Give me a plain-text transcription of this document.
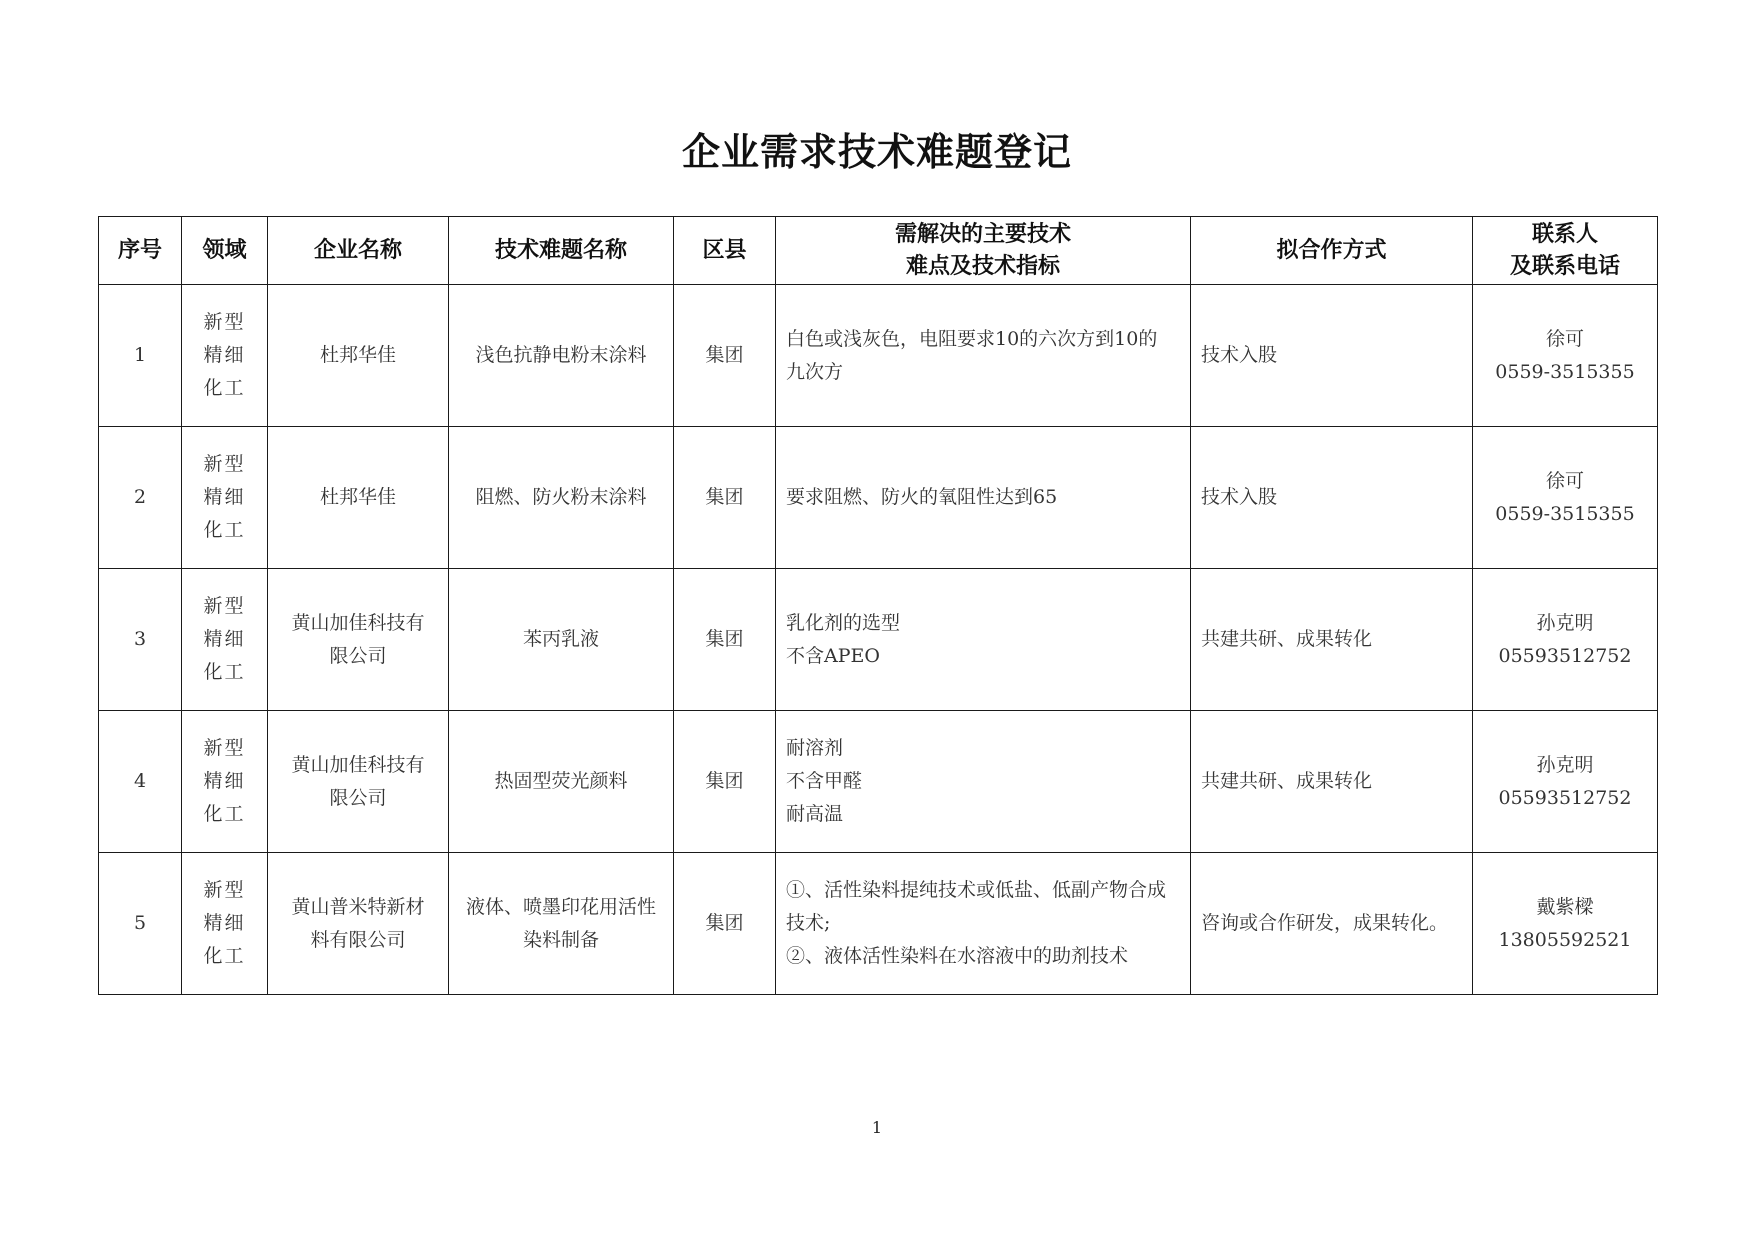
企业需求技术难题登记
序号	领域	企业名称	技术难题名称	区县	需解决的主要技术
难点及技术指标	拟合作方式	联系人
及联系电话

1	新型
精细
化工	杜邦华佳	浅色抗静电粉末涂料	集团	白色或浅灰色，电阻要求10的六次方到10的
九次方	技术入股	徐可
0559-3515355

2	新型
精细
化工	杜邦华佳	阻燃、防火粉末涂料	集团	要求阻燃、防火的氧阻性达到65	技术入股	徐可
0559-3515355

3	新型
精细
化工	黄山加佳科技有
限公司	苯丙乳液	集团	乳化剂的选型
不含APEO	共建共研、成果转化	孙克明
05593512752

4	新型
精细
化工	黄山加佳科技有
限公司	热固型荧光颜料	集团	耐溶剂
不含甲醛
耐高温	共建共研、成果转化	孙克明
05593512752

5	新型
精细
化工	黄山普米特新材
料有限公司	液体、喷墨印花用活性
染料制备	集团	①、活性染料提纯技术或低盐、低副产物合成
技术;
②、液体活性染料在水溶液中的助剂技术	咨询或合作研发，成果转化。	戴紫樑
13805592521
1
